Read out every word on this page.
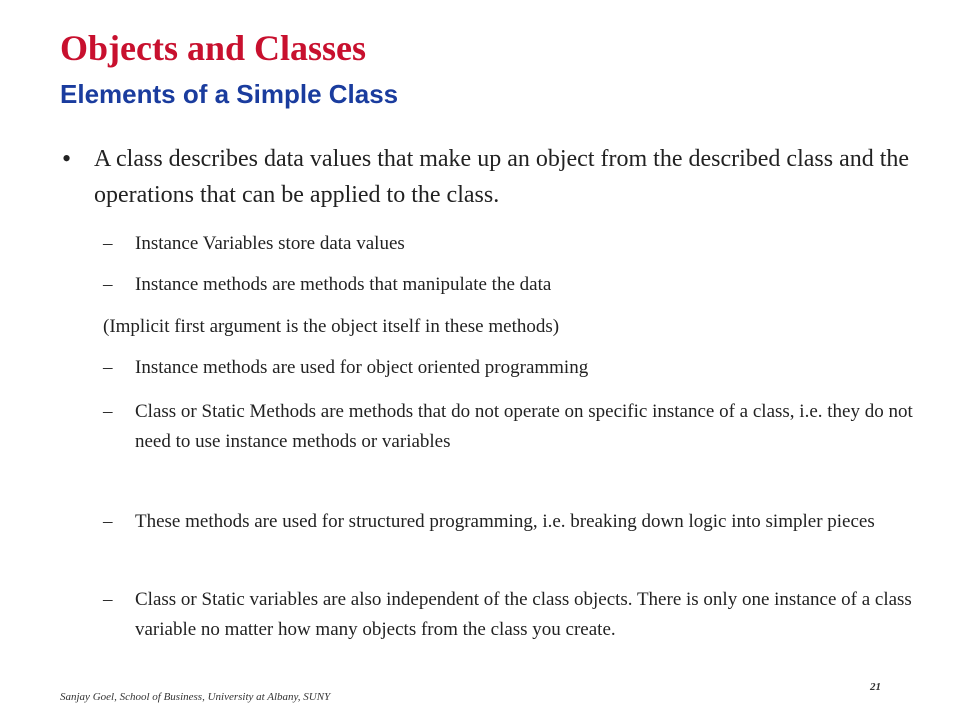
Objects and Classes
Elements of a Simple Class
• A class describes data values that make up an object from the described class and the operations that can be applied to the class.
– Instance Variables store data values
– Instance methods are methods that manipulate the data
(Implicit first argument is the object itself in these methods)
– Instance methods are used for object oriented programming
– Class or Static Methods are methods that do not operate on specific instance of a class, i.e. they do not need to use instance methods or variables
– These methods are used for structured programming, i.e. breaking down logic into simpler pieces
– Class or Static variables are also independent of the class objects. There is only one instance of a class variable no matter how many objects from the class you create.
Sanjay Goel, School of Business, University at Albany, SUNY
21
